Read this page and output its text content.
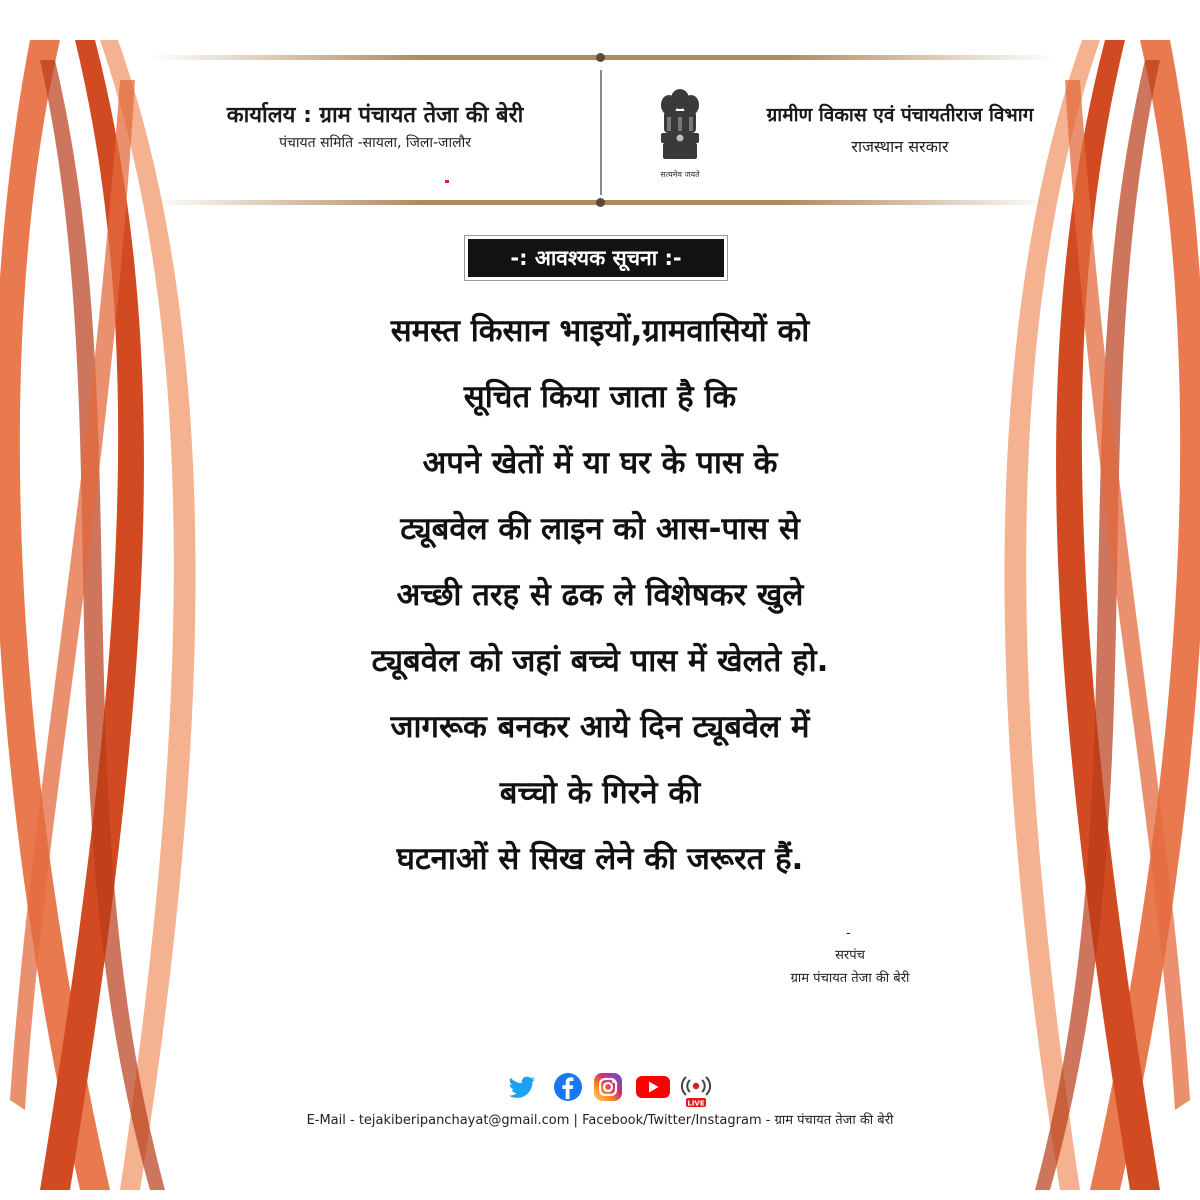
कार्यालय : ग्राम पंचायत तेजा की बेरी
पंचायत समिति -सायला, जिला-जालौर
सत्यमेव जयते
ग्रामीण विकास एवं पंचायतीराज विभाग
राजस्थान सरकार
-: आवश्यक सूचना :-
समस्त किसान भाइयों,ग्रामवासियों को
सूचित किया जाता है कि
अपने खेतों में या घर के पास के
ट्यूबवेल की लाइन को आस-पास से
अच्छी तरह से ढक ले विशेषकर खुले
ट्यूबवेल को जहां बच्चे पास में खेलते हो.
जागरूक बनकर आये दिन ट्यूबवेल में
बच्चो के गिरने की
घटनाओं से सिख लेने की जरूरत हैं.
-
सरपंच
ग्राम पंचायत तेजा की बेरी
LIVE
E-Mail - tejakiberipanchayat@gmail.com | Facebook/Twitter/Instagram - ग्राम पंचायत तेजा की बेरी
